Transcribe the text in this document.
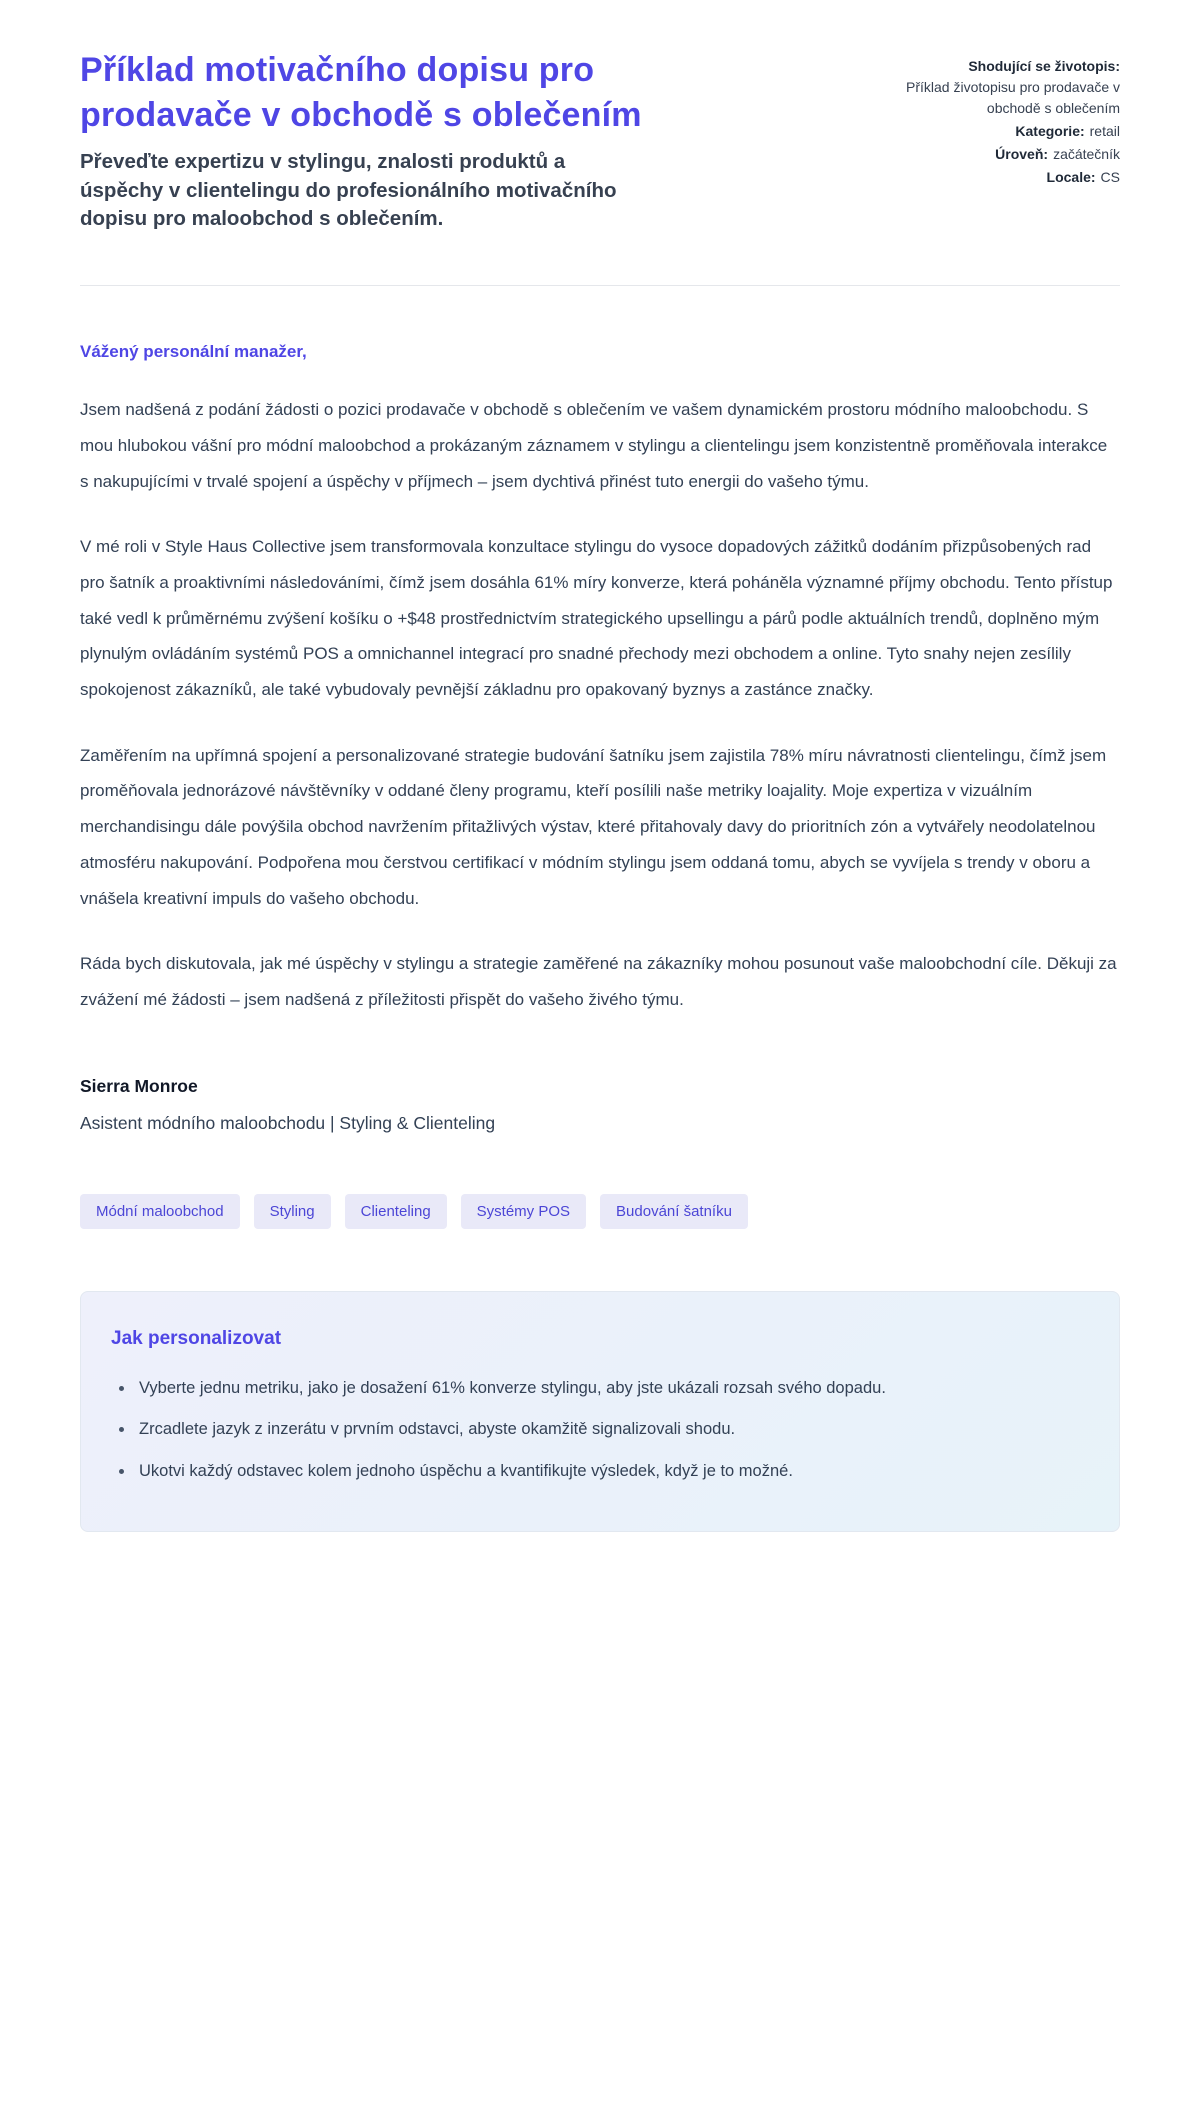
Příklad motivačního dopisu pro prodavače v obchodě s oblečením
Převeďte expertizu v stylingu, znalosti produktů a úspěchy v clientelingu do profesionálního motivačního dopisu pro maloobchod s oblečením.
Shodující se životopis:
Příklad životopisu pro prodavače v obchodě s oblečením
Kategorie: retail
Úroveň: začátečník
Locale: CS
Vážený personální manažer,

Jsem nadšená z podání žádosti o pozici prodavače v obchodě s oblečením ve vašem dynamickém prostoru módního maloobchodu. S mou hlubokou vášní pro módní maloobchod a prokázaným záznamem v stylingu a clientelingu jsem konzistentně proměňovala interakce s nakupujícími v trvalé spojení a úspěchy v příjmech – jsem dychtivá přinést tuto energii do vašeho týmu.

V mé roli v Style Haus Collective jsem transformovala konzultace stylingu do vysoce dopadových zážitků dodáním přizpůsobených rad pro šatník a proaktivními následováními, čímž jsem dosáhla 61% míry konverze, která poháněla významné příjmy obchodu. Tento přístup také vedl k průměrnému zvýšení košíku o +$48 prostřednictvím strategického upsellingu a párů podle aktuálních trendů, doplněno mým plynulým ovládáním systémů POS a omnichannel integrací pro snadné přechody mezi obchodem a online. Tyto snahy nejen zesílily spokojenost zákazníků, ale také vybudovaly pevnější základnu pro opakovaný byznys a zastánce značky.

Zaměřením na upřímná spojení a personalizované strategie budování šatníku jsem zajistila 78% míru návratnosti clientelingu, čímž jsem proměňovala jednorázové návštěvníky v oddané členy programu, kteří posílili naše metriky loajality. Moje expertiza v vizuálním merchandisingu dále povýšila obchod navržením přitažlivých výstav, které přitahovaly davy do prioritních zón a vytvářely neodolatelnou atmosféru nakupování. Podpořena mou čerstvou certifikací v módním stylingu jsem oddaná tomu, abych se vyvíjela s trendy v oboru a vnášela kreativní impuls do vašeho obchodu.

Ráda bych diskutovala, jak mé úspěchy v stylingu a strategie zaměřené na zákazníky mohou posunout vaše maloobchodní cíle. Děkuji za zvážení mé žádosti – jsem nadšená z příležitosti přispět do vašeho živého týmu.

Sierra Monroe
Asistent módního maloobchodu | Styling & Clienteling
Módní maloobchod	Styling	Clienteling	Systémy POS	Budování šatníku
Jak personalizovat
• Vyberte jednu metriku, jako je dosažení 61% konverze stylingu, aby jste ukázali rozsah svého dopadu.
• Zrcadlete jazyk z inzerátu v prvním odstavci, abyste okamžitě signalizovali shodu.
• Ukotvi každý odstavec kolem jednoho úspěchu a kvantifikujte výsledek, když je to možné.
